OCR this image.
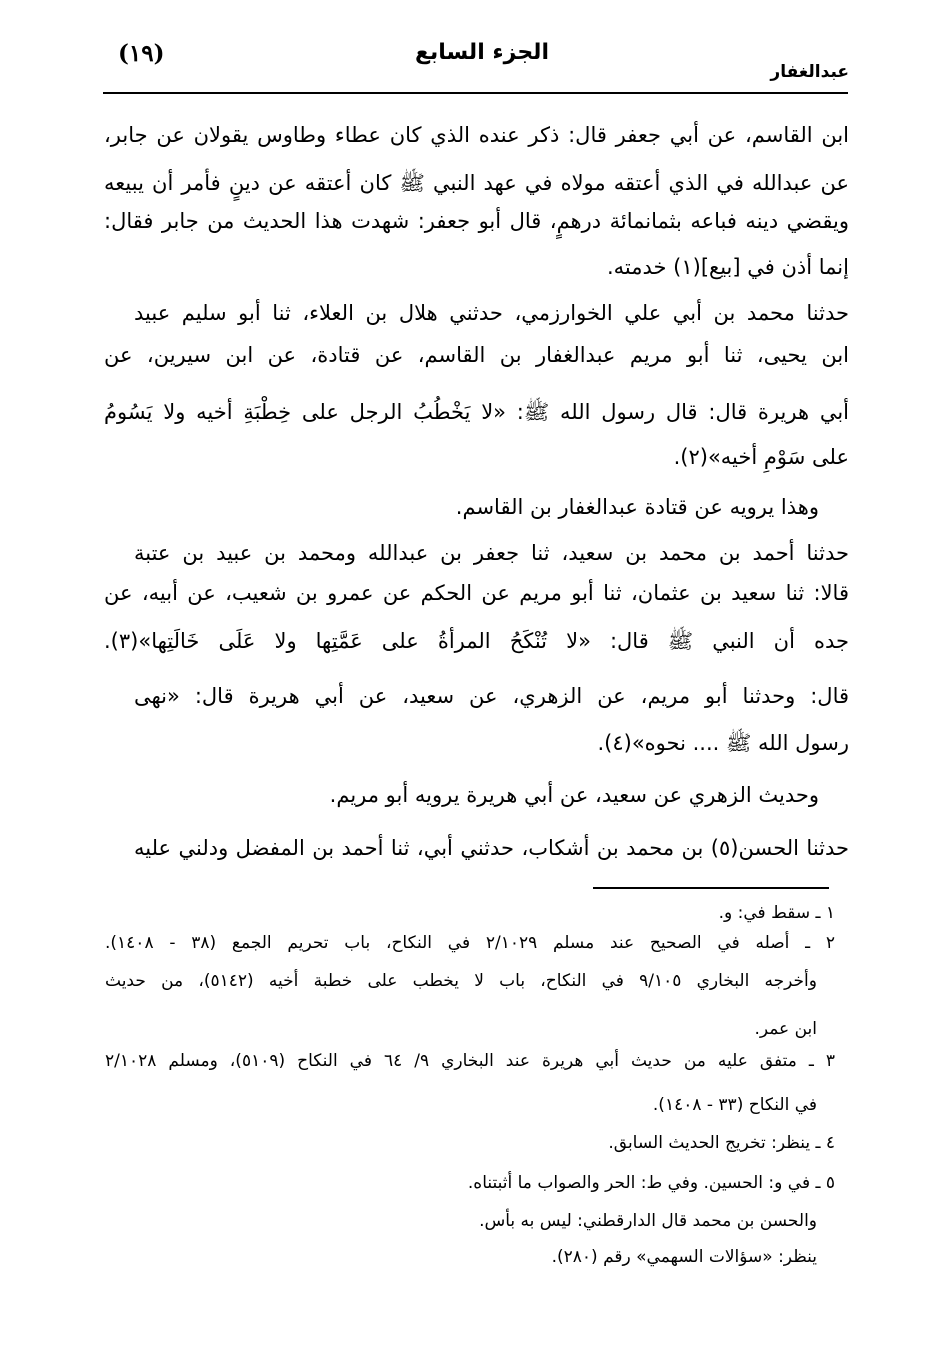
(١٩)	الجزء السابع
عبدالغفار
ابن القاسم، عن أبي جعفر قال: ذكر عنده الذي كان عطاء وطاوس يقولان عن جابر،
عن عبدالله في الذي أعتقه مولاه في عهد النبي ﷺ كان أعتقه عن دينٍ فأمر أن يبيعه
ويقضي دينه فباعه بثمانمائة درهمٍ، قال أبو جعفر: شهدت هذا الحديث من جابر فقال:
إنما أذن في [بيع](١) خدمته.
حدثنا محمد بن أبي علي الخوارزمي، حدثني هلال بن العلاء، ثنا أبو سليم عبيد
ابن يحيى، ثنا أبو مريم عبدالغفار بن القاسم، عن قتادة، عن ابن سيرين، عن
أبي هريرة قال: قال رسول الله ﷺ: «لا يَخْطُبُ الرجل على خِطْبَةِ أخيه ولا يَسُومُ
على سَوْمِ أخيه»(٢).
وهذا يرويه عن قتادة عبدالغفار بن القاسم.
حدثنا أحمد بن محمد بن سعيد، ثنا جعفر بن عبدالله ومحمد بن عبيد بن عتبة
قالا: ثنا سعيد بن عثمان، ثنا أبو مريم عن الحكم عن عمرو بن شعيب، عن أبيه، عن
جده أن النبي ﷺ قال: «لا تُنْكَحُ المرأةُ على عَمَّتِها ولا عَلَى خَالَتِها»(٣).
قال: وحدثنا أبو مريم، عن الزهري، عن سعيد، عن أبي هريرة قال: «نهى
رسول الله ﷺ .... نحوه»(٤).
وحديث الزهري عن سعيد، عن أبي هريرة يرويه أبو مريم.
حدثنا الحسن(٥) بن محمد بن أشكاب، حدثني أبي، ثنا أحمد بن المفضل ودلني عليه
١ ـ سقط في: و.
٢ ـ أصله في الصحيح عند مسلم ٢/١٠٢٩ في النكاح، باب تحريم الجمع (٣٨ - ١٤٠٨).
وأخرجه البخاري ٩/١٠٥ في النكاح، باب لا يخطب على خطبة أخيه (٥١٤٢)، من حديث
ابن عمر.
٣ ـ متفق عليه من حديث أبي هريرة عند البخاري ٩/ ٦٤ في النكاح (٥١٠٩)، ومسلم ٢/١٠٢٨
في النكاح (٣٣ - ١٤٠٨).
٤ ـ ينظر: تخريج الحديث السابق.
٥ ـ في و: الحسين. وفي ط: الحر والصواب ما أثبتناه.
والحسن بن محمد قال الدارقطني: ليس به بأس.
ينظر: «سؤالات السهمي» رقم (٢٨٠).
